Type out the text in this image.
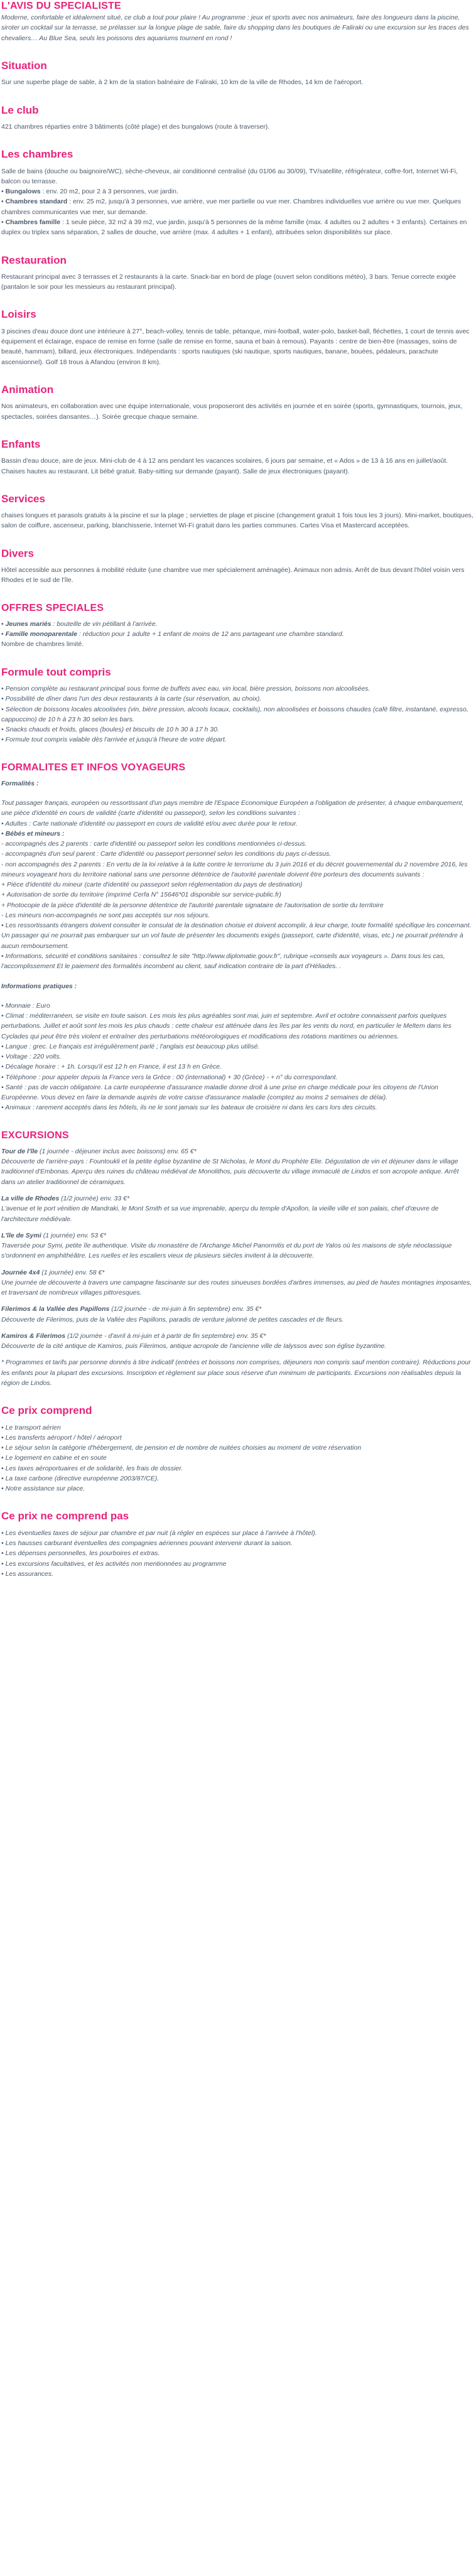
L'AVIS DU SPECIALISTE

Moderne, confortable et idéalement situé, ce club a tout pour plaire ! Au programme : jeux et sports avec nos animateurs, faire des longueurs dans la piscine, siroter un cocktail sur la terrasse, se prélasser sur la longue plage de sable, faire du shopping dans les boutiques de Faliraki ou une excursion sur les traces des chevaliers… Au Blue Sea, seuls les poissons des aquariums tournent en rond !

Situation

Sur une superbe plage de sable, à 2 km de la station balnéaire de Faliraki, 10 km de la ville de Rhodes, 14 km de l'aéroport.

Le club

421 chambres réparties entre 3 bâtiments (côté plage) et des bungalows (route à traverser).

Les chambres

Salle de bains (douche ou baignoire/WC), sèche-cheveux, air conditionné centralisé (du 01/06 au 30/09), TV/satellite, réfrigérateur, coffre-fort, Internet Wi-Fi, balcon ou terrasse.

• Bungalows : env. 20 m2, pour 2 à 3 personnes, vue jardin.

• Chambres standard : env. 25 m2, jusqu'à 3 personnes, vue arrière, vue mer partielle ou vue mer. Chambres individuelles vue arrière ou vue mer. Quelques chambres communicantes vue mer, sur demande.

• Chambres famille : 1 seule pièce, 32 m2 à 39 m2, vue jardin, jusqu'à 5 personnes de la même famille (max. 4 adultes ou 2 adultes + 3 enfants). Certaines en duplex ou triplex sans séparation, 2 salles de douche, vue arrière (max. 4 adultes + 1 enfant), attribuées selon disponibilités sur place.

Restauration

Restaurant principal avec 3 terrasses et 2 restaurants à la carte. Snack-bar en bord de plage (ouvert selon conditions météo), 3 bars. Tenue correcte exigée (pantalon le soir pour les messieurs au restaurant principal).

Loisirs

3 piscines d'eau douce dont une intérieure à 27°, beach-volley, tennis de table, pétanque, mini-football, water-polo, basket-ball, fléchettes, 1 court de tennis avec équipement et éclairage, espace de remise en forme (salle de remise en forme, sauna et bain à remous). Payants : centre de bien-être (massages, soins de beauté, hammam), billard, jeux électroniques. Indépendants : sports nautiques (ski nautique, sports nautiques, banane, bouées, pédaleurs, parachute ascensionnel). Golf 18 trous à Afandou (environ 8 km).

Animation

Nos animateurs, en collaboration avec une équipe internationale, vous proposeront des activités en journée et en soirée (sports, gymnastiques, tournois, jeux, spectacles, soirées dansantes…). Soirée grecque chaque semaine.

Enfants

Bassin d'eau douce, aire de jeux. Mini-club de 4 à 12 ans pendant les vacances scolaires, 6 jours par semaine, et « Ados » de 13 à 16 ans en juillet/août.

Chaises hautes au restaurant. Lit bébé gratuit. Baby-sitting sur demande (payant). Salle de jeux électroniques (payant).

Services

chaises longues et parasols gratuits à la piscine et sur la plage ; serviettes de plage et piscine (changement gratuit 1 fois tous les 3 jours). Mini-market, boutiques, salon de coiffure, ascenseur, parking, blanchisserie, Internet Wi-Fi gratuit dans les parties communes. Cartes Visa et Mastercard acceptées.

Divers

Hôtel accessible aux personnes à mobilité réduite (une chambre vue mer spécialement aménagée). Animaux non admis. Arrêt de bus devant l'hôtel voisin vers Rhodes et le sud de l'île.

OFFRES SPECIALES

• Jeunes mariés : bouteille de vin pétillant à l'arrivée.

• Famille monoparentale : réduction pour 1 adulte + 1 enfant de moins de 12 ans partageant une chambre standard.

Nombre de chambres limité.

Formule tout compris

• Pension complète au restaurant principal sous forme de buffets avec eau, vin local, bière pression, boissons non alcoolisées.

• Possibilité de dîner dans l'un des deux restaurants à la carte (sur réservation, au choix).

• Sélection de boissons locales alcoolisées (vin, bière pression, alcools locaux, cocktails), non alcoolisées et boissons chaudes (café filtre, instantané, expresso, cappuccino) de 10 h à 23 h 30 selon les bars.

• Snacks chauds et froids, glaces (boules) et biscuits de 10 h 30 à 17 h 30.

• Formule tout compris valable dès l'arrivée et jusqu'à l'heure de votre départ.

FORMALITES ET INFOS VOYAGEURS

Formalités :

Tout passager français, européen ou ressortissant d'un pays membre de l'Espace Economique Européen a l'obligation de présenter, à chaque embarquement, une pièce d'identité en cours de validité (carte d'identité ou passeport), selon les conditions suivantes :

• Adultes : Carte nationale d'identité ou passeport en cours de validité et/ou avec durée pour le retour.

• Bébés et mineurs :

- accompagnés des 2 parents : carte d'identité ou passeport selon les conditions mentionnées ci-dessus.

- accompagnés d'un seul parent : Carte d'identité ou passeport personnel selon les conditions du pays ci-dessus.

- non accompagnés des 2 parents : En vertu de la loi relative à la lutte contre le terrorisme du 3 juin 2016 et du décret gouvernemental du 2 novembre 2016, les mineurs voyageant hors du territoire national sans une personne détentrice de l'autorité parentale doivent être porteurs des documents suivants :

+ Pièce d'identité du mineur (carte d'identité ou passeport selon réglementation du pays de destination)

+ Autorisation de sortie du territoire (imprimé Cerfa N° 15646*01 disponible sur service-public.fr)

+ Photocopie de la pièce d'identité de la personne détentrice de l'autorité parentale signataire de l'autorisation de sortie du territoire

- Les mineurs non-accompagnés ne sont pas acceptés sur nos séjours.

• Les ressortissants étrangers doivent consulter le consulat de la destination choisie et doivent accomplir, à leur charge, toute formalité spécifique les concernant. Un passager qui ne pourrait pas embarquer sur un vol faute de présenter les documents exigés (passeport, carte d'identité, visas, etc.) ne pourrait prétendre à aucun remboursement.

• Informations, sécurité et conditions sanitaires : consultez le site "http://www.diplomatie.gouv.fr", rubrique «conseils aux voyageurs ». Dans tous les cas, l'accomplissement Et le paiement des formalités incombent au client, sauf indication contraire de la part d'Héliades. .

Informations pratiques :

• Monnaie : Euro

• Climat : méditerranéen, se visite en toute saison. Les mois les plus agréables sont mai, juin et septembre. Avril et octobre connaissent parfois quelques perturbations. Juillet et août sont les mois les plus chauds : cette chaleur est atténuée dans les îles par les vents du nord, en particulier le Meltem dans les Cyclades qui peut être très violent et entraîner des perturbations météorologiques et modifications des rotations maritimes ou aériennes.

• Langue : grec. Le français est irrégulièrement parlé ; l'anglais est beaucoup plus utilisé.

• Voltage : 220 volts.

• Décalage horaire : + 1h. Lorsqu'il est 12 h en France, il est 13 h en Grèce.

• Téléphone : pour appeler depuis la France vers la Grèce : 00 (international) + 30 (Grèce) - + n° du correspondant.

• Santé : pas de vaccin obligatoire. La carte européenne d'assurance maladie donne droit à une prise en charge médicale pour les citoyens de l'Union Européenne. Vous devez en faire la demande auprès de votre caisse d'assurance maladie (comptez au moins 2 semaines de délai).

• Animaux : rarement acceptés dans les hôtels, ils ne le sont jamais sur les bateaux de croisière ni dans les cars lors des circuits.

EXCURSIONS

Tour de l'île (1 journée - déjeuner inclus avec boissons) env. 65 €*

Découverte de l'arrière-pays : Fountoukli et la petite église byzantine de St Nicholas, le Mont du Prophète Elie. Dégustation de vin et déjeuner dans le village traditionnel d'Embonas. Aperçu des ruines du château médiéval de Monolithos, puis découverte du village immaculé de Lindos et son acropole antique. Arrêt dans un atelier traditionnel de céramiques.

La ville de Rhodes (1/2 journée) env. 33 €*

L'avenue et le port vénitien de Mandraki, le Mont Smith et sa vue imprenable, aperçu du temple d'Apollon, la vieille ville et son palais, chef d'œuvre de l'architecture médiévale.

L'île de Symi (1 journée) env. 53 €*

Traversée pour Symi, petite île authentique. Visite du monastère de l'Archange Michel Panormitis et du port de Yalos où les maisons de style néoclassique s'ordonnent en amphithéâtre. Les ruelles et les escaliers vieux de plusieurs siècles invitent à la découverte.

Journée 4x4 (1 journée) env. 58 €*

Une journée de découverte à travers une campagne fascinante sur des routes sinueuses bordées d'arbres immenses, au pied de hautes montagnes imposantes, et traversant de nombreux villages pittoresques.

Filerimos & la Vallée des Papillons (1/2 journée - de mi-juin à fin septembre) env. 35 €*

Découverte de Filerimos, puis de la Vallée des Papillons, paradis de verdure jalonné de petites cascades et de fleurs.

Kamiros & Filerimos (1/2 journée - d'avril à mi-juin et à partir de fin septembre) env. 35 €*

Découverte de la cité antique de Kamiros, puis Filerimos, antique acropole de l'ancienne ville de Ialyssos avec son église byzantine.

* Programmes et tarifs par personne donnés à titre indicatif (entrées et boissons non comprises, déjeuners non compris sauf mention contraire). Réductions pour les enfants pour la plupart des excursions. Inscription et règlement sur place sous réserve d'un minimum de participants. Excursions non réalisables depuis la région de Lindos.

Ce prix comprend

• Le transport aérien

• Les transferts aéroport / hôtel / aéroport

• Le séjour selon la catégorie d'hébergement, de pension et de nombre de nuitées choisies au moment de votre réservation

• Le logement en cabine et en soute

• Les taxes aéroportuaires et de solidarité, les frais de dossier.

• La taxe carbone (directive européenne 2003/87/CE).

• Notre assistance sur place.

Ce prix ne comprend pas

• Les éventuelles taxes de séjour par chambre et par nuit (à régler en espèces sur place à l'arrivée à l'hôtel).

• Les hausses carburant éventuelles des compagnies aériennes pouvant intervenir durant la saison.

• Les dépenses personnelles, les pourboires et extras.

• Les excursions facultatives, et les activités non mentionnées au programme

• Les assurances.
